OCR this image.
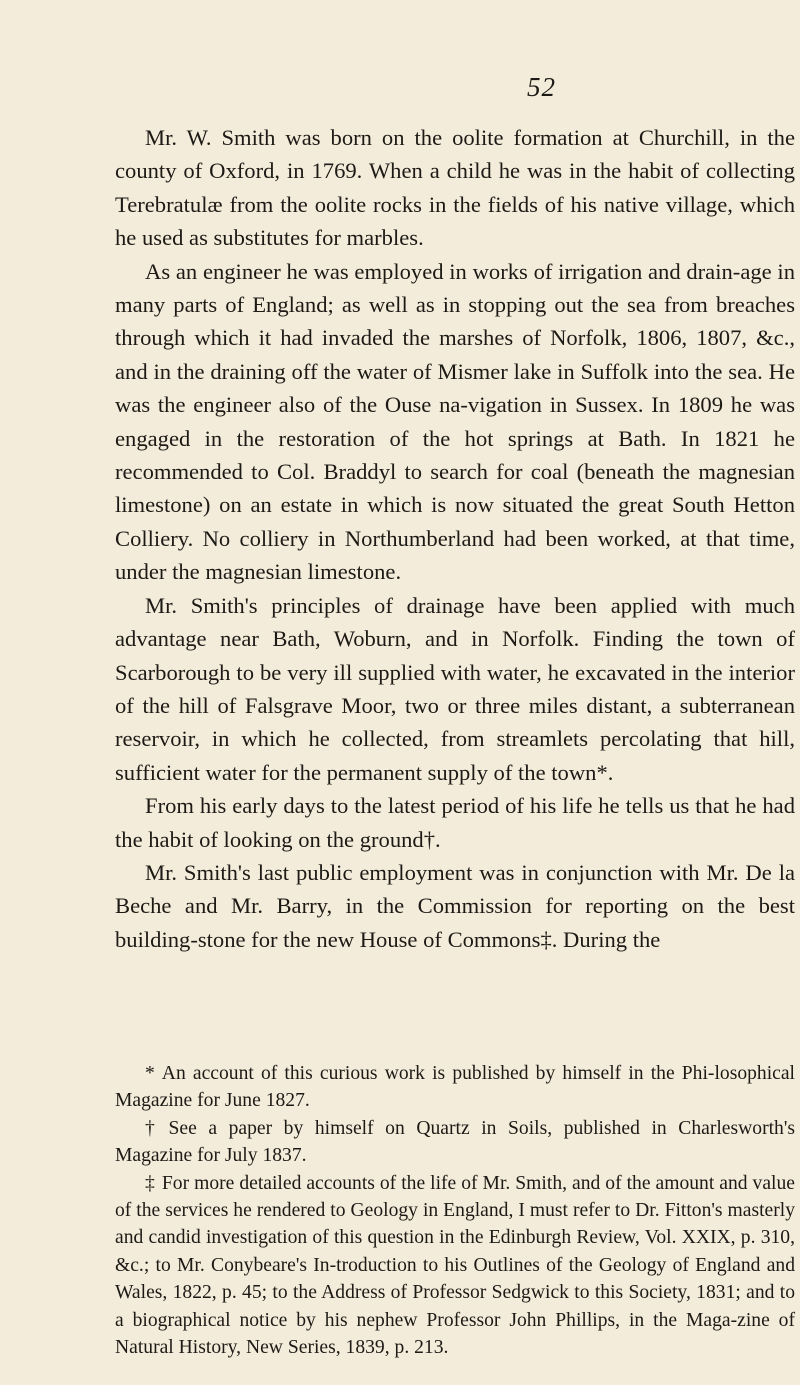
52

Mr. W. Smith was born on the oolite formation at Churchill, in the county of Oxford, in 1769. When a child he was in the habit of collecting Terebratulæ from the oolite rocks in the fields of his native village, which he used as substitutes for marbles.

As an engineer he was employed in works of irrigation and drain-age in many parts of England; as well as in stopping out the sea from breaches through which it had invaded the marshes of Norfolk, 1806, 1807, &c., and in the draining off the water of Mismer lake in Suffolk into the sea. He was the engineer also of the Ouse na-vigation in Sussex. In 1809 he was engaged in the restoration of the hot springs at Bath. In 1821 he recommended to Col. Braddyl to search for coal (beneath the magnesian limestone) on an estate in which is now situated the great South Hetton Colliery. No colliery in Northumberland had been worked, at that time, under the magnesian limestone.

Mr. Smith's principles of drainage have been applied with much advantage near Bath, Woburn, and in Norfolk. Finding the town of Scarborough to be very ill supplied with water, he excavated in the interior of the hill of Falsgrave Moor, two or three miles distant, a subterranean reservoir, in which he collected, from streamlets percolating that hill, sufficient water for the permanent supply of the town*.

From his early days to the latest period of his life he tells us that he had the habit of looking on the ground†.

Mr. Smith's last public employment was in conjunction with Mr. De la Beche and Mr. Barry, in the Commission for reporting on the best building-stone for the new House of Commons‡. During the

* An account of this curious work is published by himself in the Phi-losophical Magazine for June 1827.

† See a paper by himself on Quartz in Soils, published in Charlesworth's Magazine for July 1837.

‡ For more detailed accounts of the life of Mr. Smith, and of the amount and value of the services he rendered to Geology in England, I must refer to Dr. Fitton's masterly and candid investigation of this question in the Edinburgh Review, Vol. XXIX, p. 310, &c.; to Mr. Conybeare's In-troduction to his Outlines of the Geology of England and Wales, 1822, p. 45; to the Address of Professor Sedgwick to this Society, 1831; and to a biographical notice by his nephew Professor John Phillips, in the Maga-zine of Natural History, New Series, 1839, p. 213.
